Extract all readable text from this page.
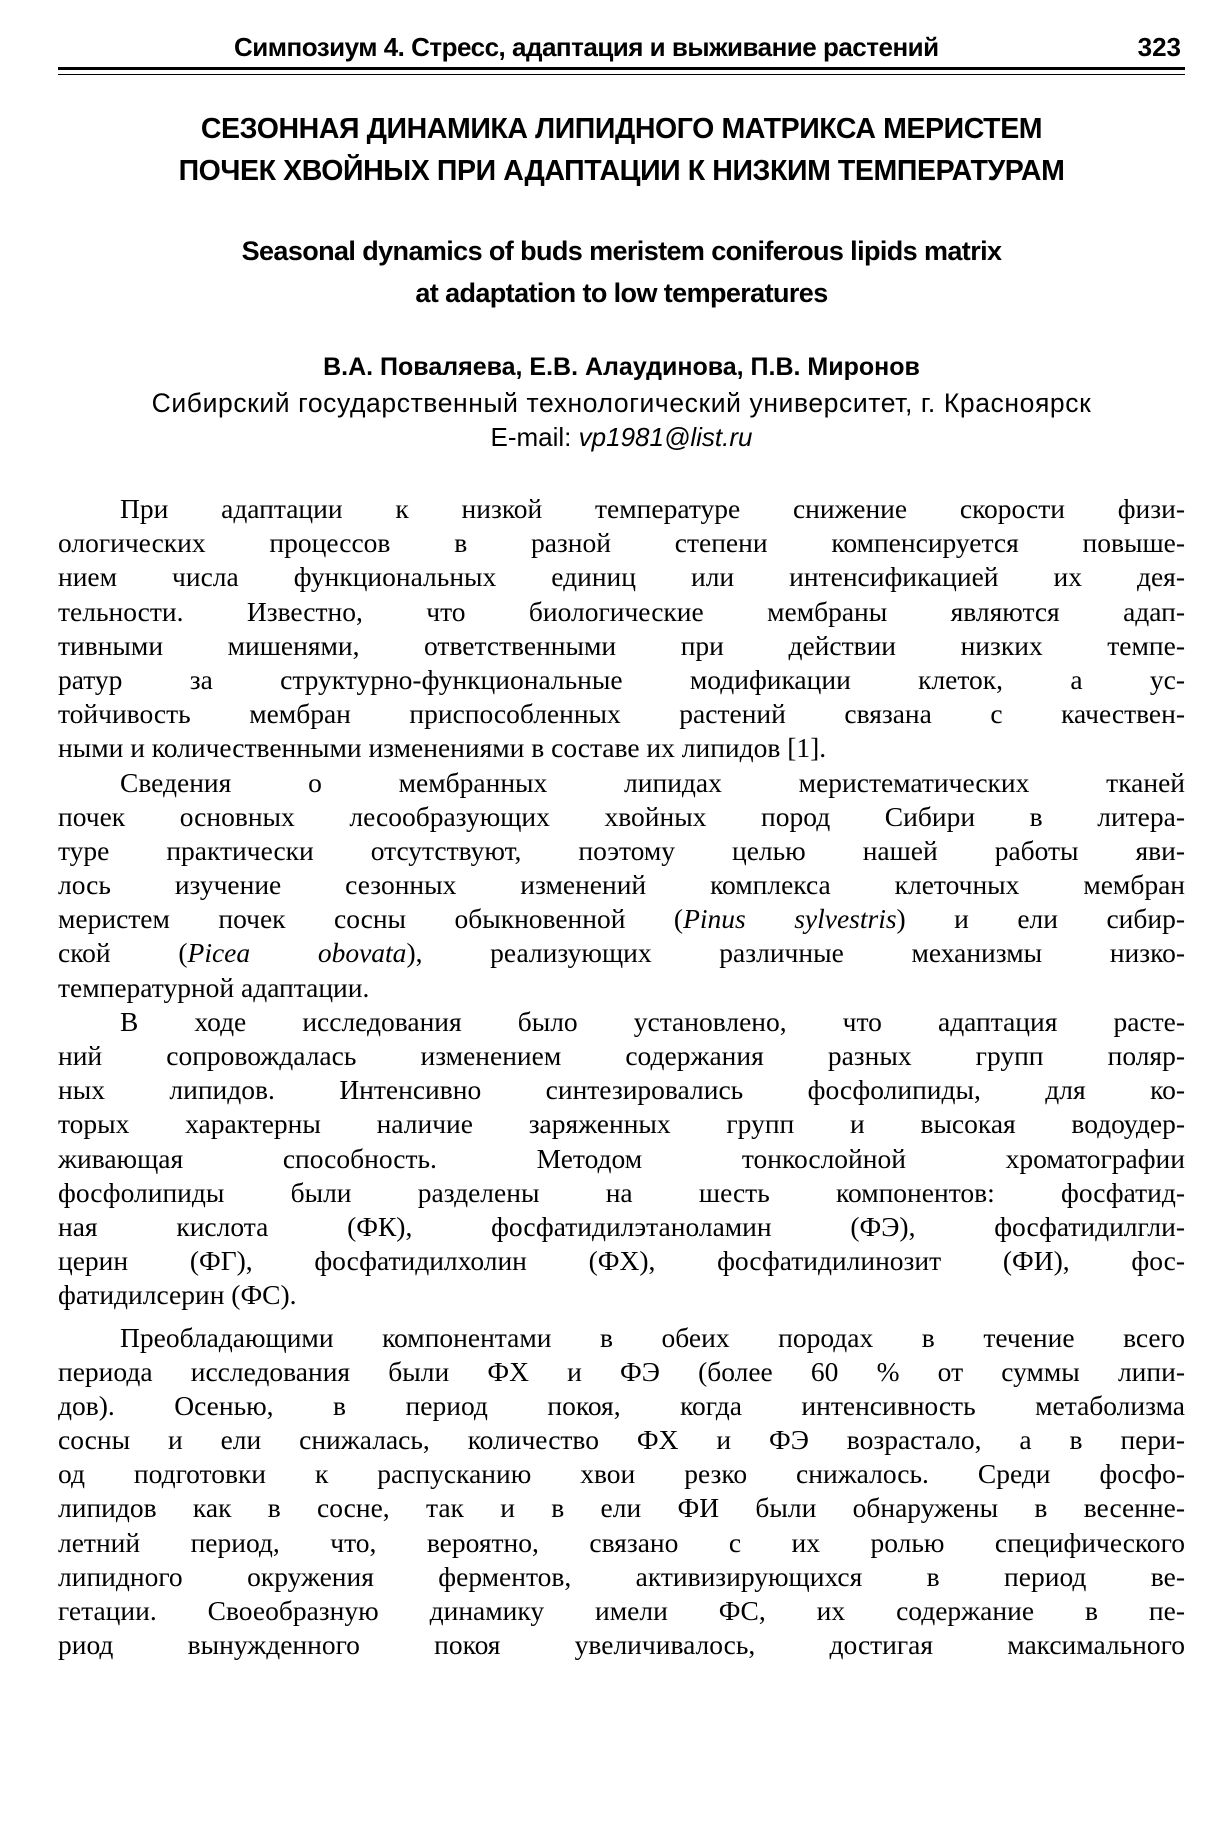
Симпозиум 4. Стресс, адаптация и выживание растений	323
СЕЗОННАЯ ДИНАМИКА ЛИПИДНОГО МАТРИКСА МЕРИСТЕМ
ПОЧЕК ХВОЙНЫХ ПРИ АДАПТАЦИИ К НИЗКИМ ТЕМПЕРАТУРАМ
Seasonal dynamics of buds meristem coniferous lipids matrix
at adaptation to low temperatures
В.А. Поваляева, Е.В. Алаудинова, П.В. Миронов
Сибирский государственный технологический университет, г. Красноярск
E-mail: vp1981@list.ru
При адаптации к низкой температуре снижение скорости физи-
ологических процессов в разной степени компенсируется повыше-
нием числа функциональных единиц или интенсификацией их дея-
тельности. Известно, что биологические мембраны являются адап-
тивными мишенями, ответственными при действии низких темпе-
ратур за структурно-функциональные модификации клеток, а ус-
тойчивость мембран приспособленных растений связана с качествен-
ными и количественными изменениями в составе их липидов [1].
Сведения о мембранных липидах меристематических тканей
почек основных лесообразующих хвойных пород Сибири в литера-
туре практически отсутствуют, поэтому целью нашей работы яви-
лось изучение сезонных изменений комплекса клеточных мембран
меристем почек сосны обыкновенной (Pinus sylvestris) и ели сибир-
ской (Picea obovata), реализующих различные механизмы низко-
температурной адаптации.
В ходе исследования было установлено, что адаптация расте-
ний сопровождалась изменением содержания разных групп поляр-
ных липидов. Интенсивно синтезировались фосфолипиды, для ко-
торых характерны наличие заряженных групп и высокая водоудер-
живающая способность. Методом тонкослойной хроматографии
фосфолипиды были разделены на шесть компонентов: фосфатид-
ная кислота (ФК), фосфатидилэтаноламин (ФЭ), фосфатидилгли-
церин (ФГ), фосфатидилхолин (ФХ), фосфатидилинозит (ФИ), фос-
фатидилсерин (ФС).
Преобладающими компонентами в обеих породах в течение всего
периода исследования были ФХ и ФЭ (более 60 % от суммы липи-
дов). Осенью, в период покоя, когда интенсивность метаболизма
сосны и ели снижалась, количество ФХ и ФЭ возрастало, а в пери-
од подготовки к распусканию хвои резко снижалось. Среди фосфо-
липидов как в сосне, так и в ели ФИ были обнаружены в весенне-
летний период, что, вероятно, связано с их ролью специфического
липидного окружения ферментов, активизирующихся в период ве-
гетации. Своеобразную динамику имели ФС, их содержание в пе-
риод вынужденного покоя увеличивалось, достигая максимального
